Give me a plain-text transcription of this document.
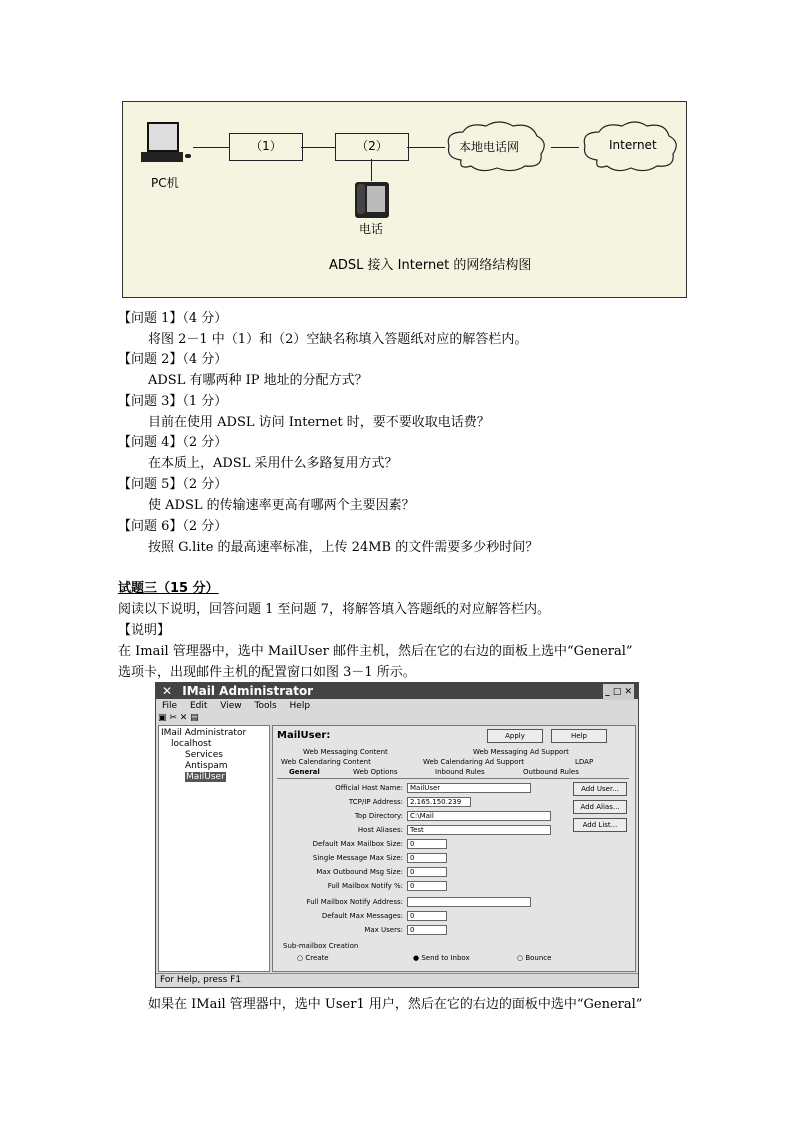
PC机
（1）	（2）	本地电话网	Internet
电话
ADSL 接入 Internet 的网络结构图
【问题 1】（4 分）
将图 2－1 中（1）和（2）空缺名称填入答题纸对应的解答栏内。
【问题 2】（4 分）
ADSL 有哪两种 IP 地址的分配方式？
【问题 3】（1 分）
目前在使用 ADSL 访问 Internet 时，要不要收取电话费？
【问题 4】（2 分）
在本质上，ADSL 采用什么多路复用方式？
【问题 5】（2 分）
使 ADSL 的传输速率更高有哪两个主要因素？
【问题 6】（2 分）
按照 G.lite 的最高速率标准，上传 24MB 的文件需要多少秒时间？
试题三（15 分）
阅读以下说明，回答问题 1 至问题 7，将解答填入答题纸的对应解答栏内。
【说明】
在 Imail 管理器中，选中 MailUser 邮件主机，然后在它的右边的面板上选中“General”
选项卡，出现邮件主机的配置窗口如图 3－1 所示。
✕ IMail Administrator	_ □ ✕
File Edit View Tools Help
▣ ✂ ✕ ▤
IMail Administrator
localhost
Services
Antispam
MailUser
MailUser:	Apply	Help
Web Messaging Content	Web Messaging Ad Support
Web Calendaring Content	Web Calendaring Ad Support	LDAP
General	Web Options	Inbound Rules	Outbound Rules
Official Host Name:	MailUser
TCP/IP Address:	2.165.150.239
Top Directory:	C:\Mail
Host Aliases:	Test
Default Max Mailbox Size:	0
Single Message Max Size:	0
Max Outbound Msg Size:	0
Full Mailbox Notify %:	0
Full Mailbox Notify Address:
Default Max Messages:	0
Max Users:	0
Add User...
Add Alias...
Add List...
Sub-mailbox Creation
○ Create	● Send to Inbox	○ Bounce
For Help, press F1
如果在 IMail 管理器中，选中 User1 用户，然后在它的右边的面板中选中“General”
